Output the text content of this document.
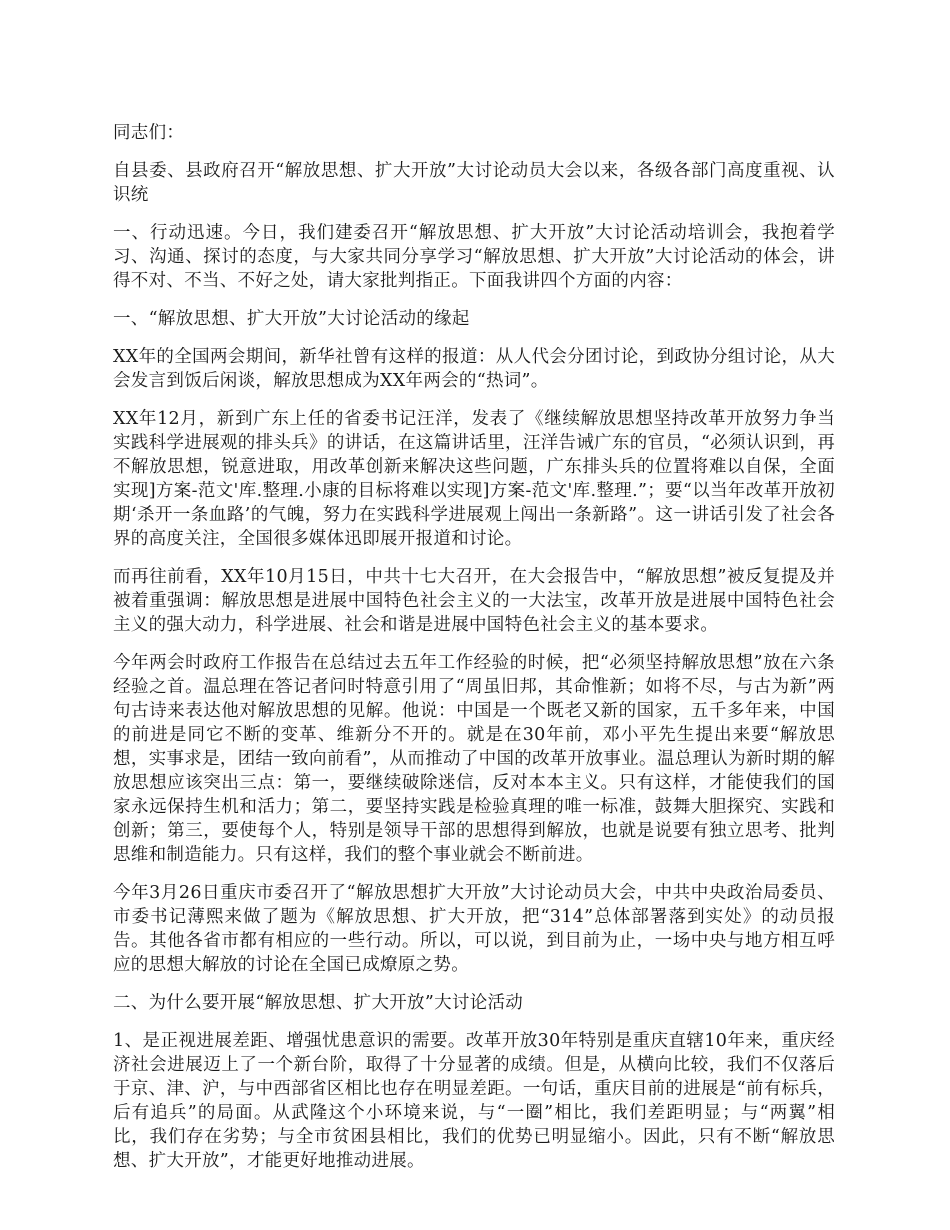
同志们：

自县委、县政府召开“解放思想、扩大开放”大讨论动员大会以来，各级各部门高度重视、认识统

一、行动迅速。今日，我们建委召开“解放思想、扩大开放”大讨论活动培训会，我抱着学习、沟通、探讨的态度，与大家共同分享学习“解放思想、扩大开放”大讨论活动的体会，讲得不对、不当、不好之处，请大家批判指正。下面我讲四个方面的内容：

一、“解放思想、扩大开放”大讨论活动的缘起

XX年的全国两会期间，新华社曾有这样的报道：从人代会分团讨论，到政协分组讨论，从大会发言到饭后闲谈，解放思想成为XX年两会的“热词”。

XX年12月，新到广东上任的省委书记汪洋，发表了《继续解放思想坚持改革开放努力争当实践科学进展观的排头兵》的讲话，在这篇讲话里，汪洋告诫广东的官员，“必须认识到，再不解放思想，锐意进取，用改革创新来解决这些问题，广东排头兵的位置将难以自保，全面实现]方案-范文'库.整理.小康的目标将难以实现]方案-范文'库.整理.”；要“以当年改革开放初期‘杀开一条血路’的气魄，努力在实践科学进展观上闯出一条新路”。这一讲话引发了社会各界的高度关注，全国很多媒体迅即展开报道和讨论。

而再往前看，XX年10月15日，中共十七大召开，在大会报告中，“解放思想”被反复提及并被着重强调：解放思想是进展中国特色社会主义的一大法宝，改革开放是进展中国特色社会主义的强大动力，科学进展、社会和谐是进展中国特色社会主义的基本要求。

今年两会时政府工作报告在总结过去五年工作经验的时候，把“必须坚持解放思想”放在六条经验之首。温总理在答记者问时特意引用了“周虽旧邦，其命惟新；如将不尽，与古为新”两句古诗来表达他对解放思想的见解。他说：中国是一个既老又新的国家，五千多年来，中国的前进是同它不断的变革、维新分不开的。就是在30年前，邓小平先生提出来要“解放思想，实事求是，团结一致向前看”，从而推动了中国的改革开放事业。温总理认为新时期的解放思想应该突出三点：第一，要继续破除迷信，反对本本主义。只有这样，才能使我们的国家永远保持生机和活力；第二，要坚持实践是检验真理的唯一标准，鼓舞大胆探究、实践和创新；第三，要使每个人，特别是领导干部的思想得到解放，也就是说要有独立思考、批判思维和制造能力。只有这样，我们的整个事业就会不断前进。

今年3月26日重庆市委召开了“解放思想扩大开放”大讨论动员大会，中共中央政治局委员、市委书记薄熙来做了题为《解放思想、扩大开放，把“314”总体部署落到实处》的动员报告。其他各省市都有相应的一些行动。所以，可以说，到目前为止，一场中央与地方相互呼应的思想大解放的讨论在全国已成燎原之势。

二、为什么要开展“解放思想、扩大开放”大讨论活动

1、是正视进展差距、增强忧患意识的需要。改革开放30年特别是重庆直辖10年来，重庆经济社会进展迈上了一个新台阶，取得了十分显著的成绩。但是，从横向比较，我们不仅落后于京、津、沪，与中西部省区相比也存在明显差距。一句话，重庆目前的进展是“前有标兵，后有追兵”的局面。从武隆这个小环境来说，与“一圈”相比，我们差距明显；与“两翼”相比，我们存在劣势；与全市贫困县相比，我们的优势已明显缩小。因此，只有不断“解放思想、扩大开放”，才能更好地推动进展。
